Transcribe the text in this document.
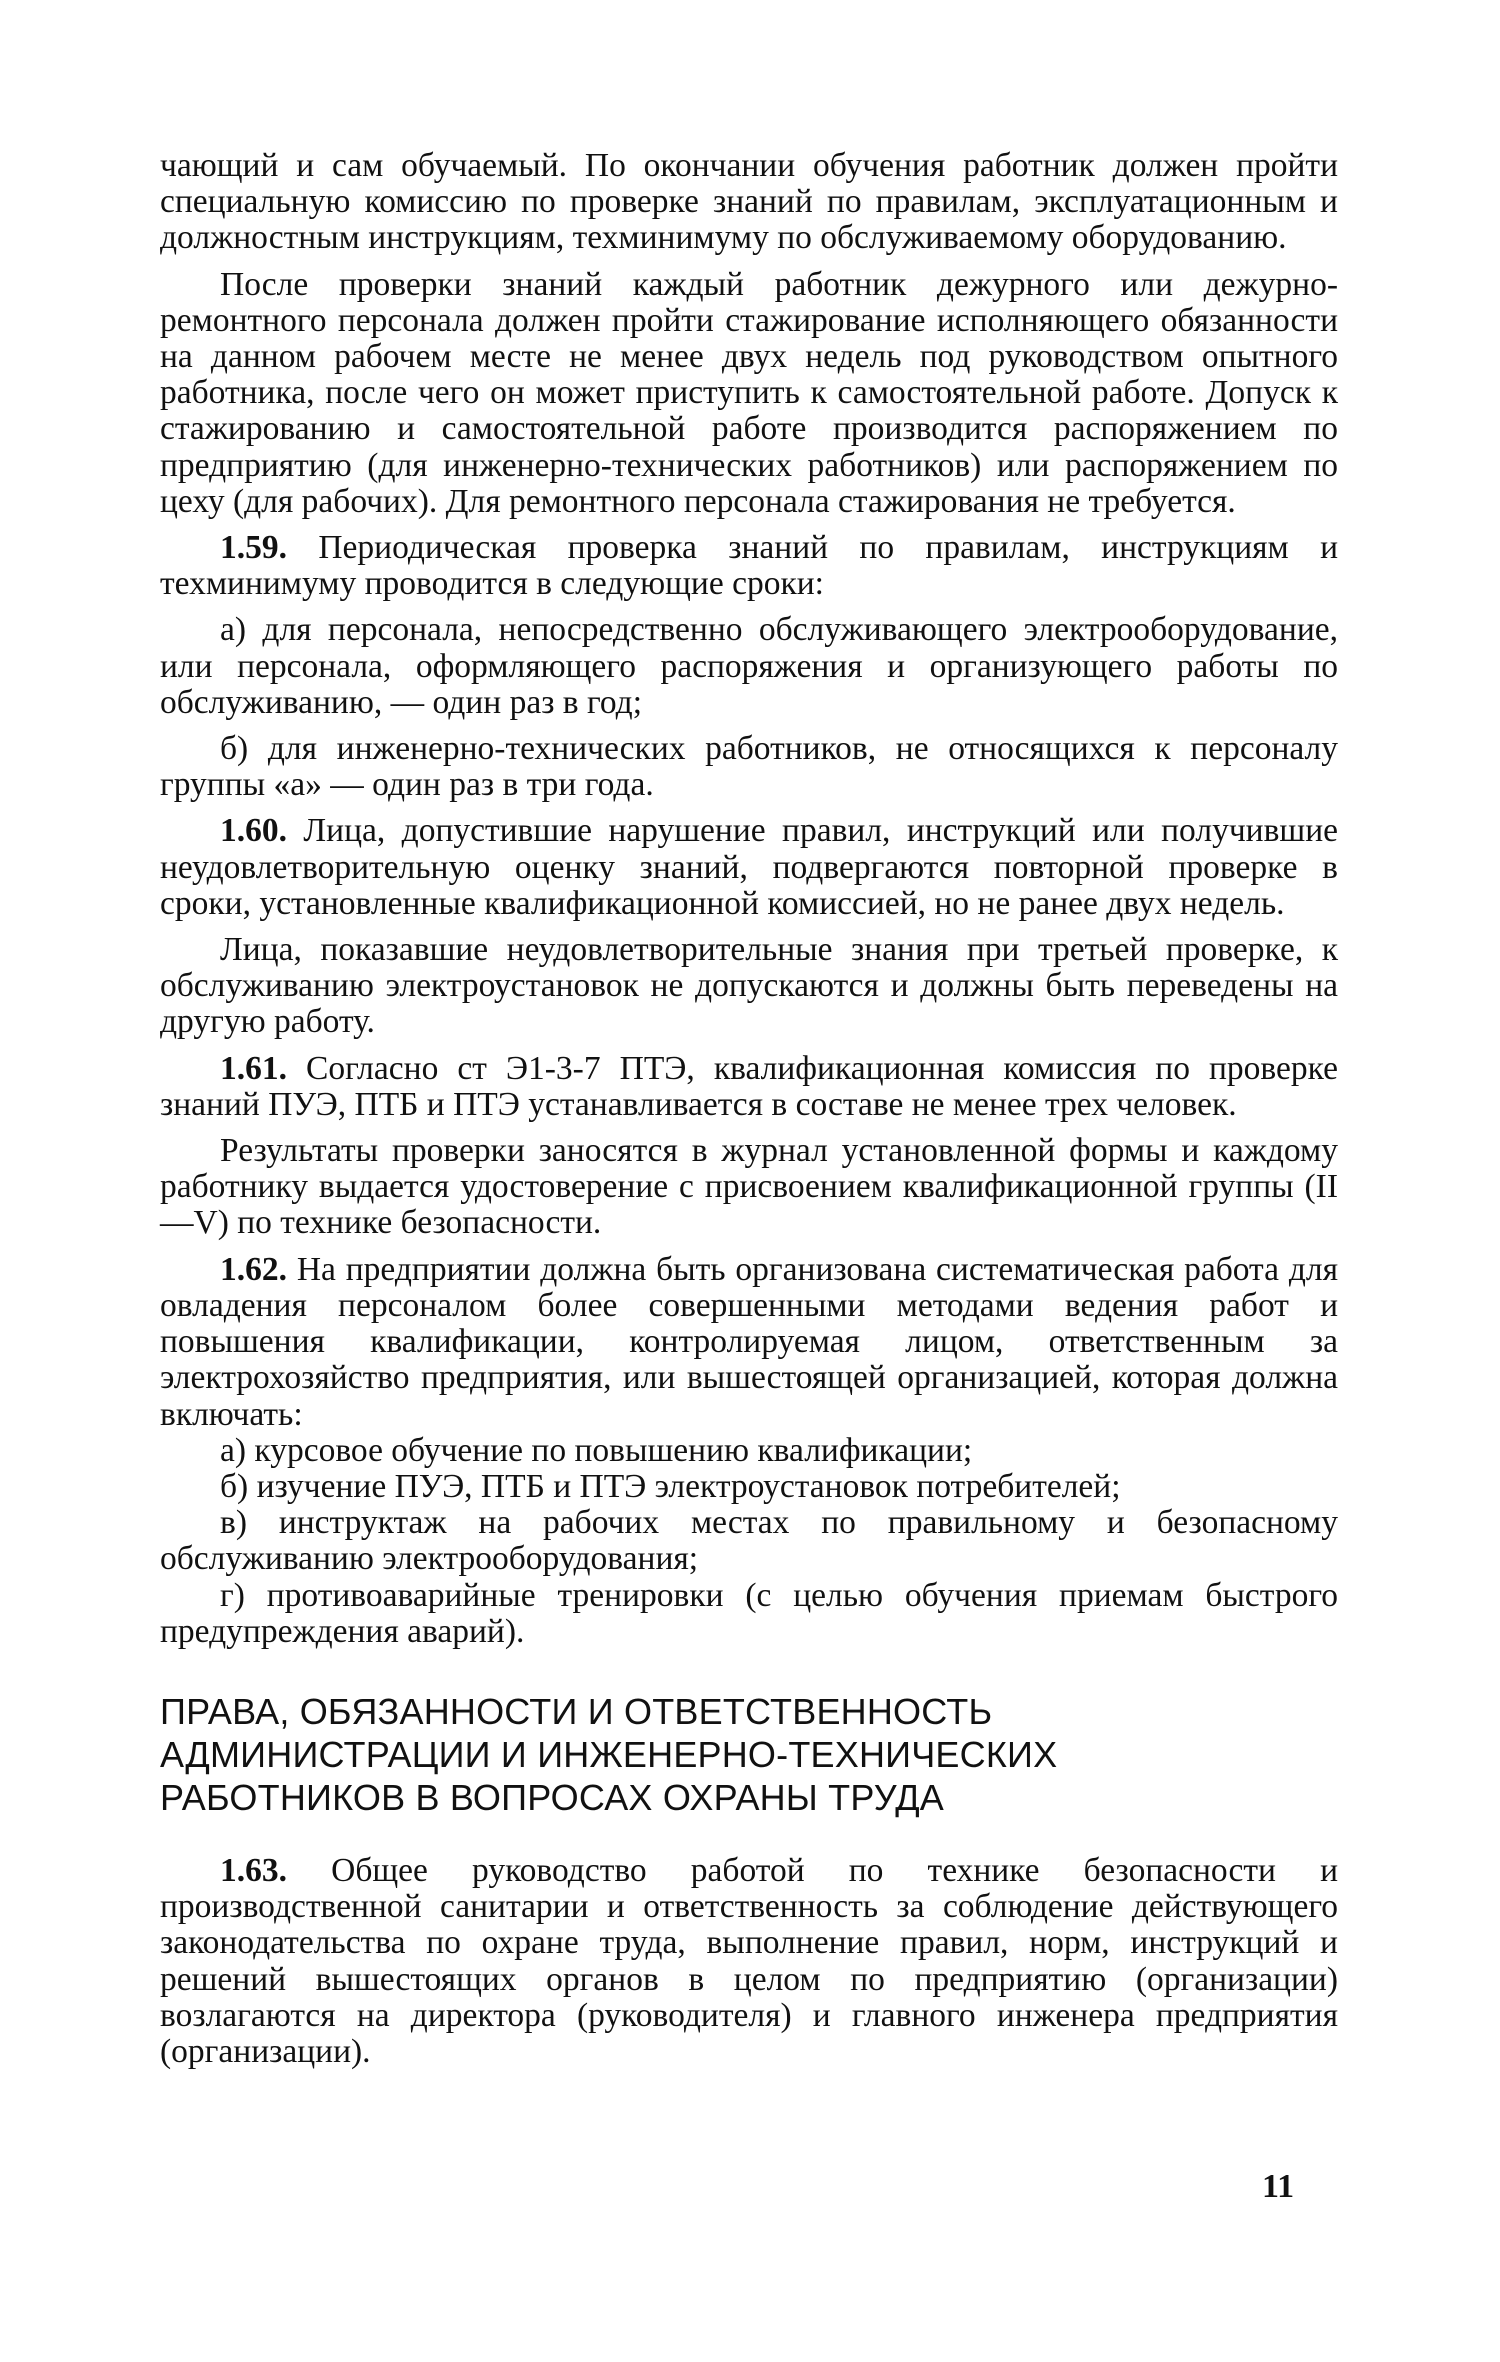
чающий и сам обучаемый. По окончании обучения работник должен пройти специальную комиссию по проверке знаний по правилам, эксплуатационным и должностным инструкциям, техминимуму по обслуживаемому оборудованию.

После проверки знаний каждый работник дежурного или дежурно-ремонтного персонала должен пройти стажирование исполняющего обязанности на данном рабочем месте не менее двух недель под руководством опытного работника, после чего он может приступить к самостоятельной работе. Допуск к стажированию и самостоятельной работе производится распоряжением по предприятию (для инженерно-технических работников) или распоряжением по цеху (для рабочих). Для ремонтного персонала стажирования не требуется.

1.59. Периодическая проверка знаний по правилам, инструкциям и техминимуму проводится в следующие сроки:

а) для персонала, непосредственно обслуживающего электрооборудование, или персонала, оформляющего распоряжения и организующего работы по обслуживанию, — один раз в год;

б) для инженерно-технических работников, не относящихся к персоналу группы «а» — один раз в три года.

1.60. Лица, допустившие нарушение правил, инструкций или получившие неудовлетворительную оценку знаний, подвергаются повторной проверке в сроки, установленные квалификационной комиссией, но не ранее двух недель.

Лица, показавшие неудовлетворительные знания при третьей проверке, к обслуживанию электроустановок не допускаются и должны быть переведены на другую работу.

1.61. Согласно ст Э1-3-7 ПТЭ, квалификационная комиссия по проверке знаний ПУЭ, ПТБ и ПТЭ устанавливается в составе не менее трех человек.

Результаты проверки заносятся в журнал установленной формы и каждому работнику выдается удостоверение с присвоением квалификационной группы (II—V) по технике безопасности.

1.62. На предприятии должна быть организована систематическая работа для овладения персоналом более совершенными методами ведения работ и повышения квалификации, контролируемая лицом, ответственным за электрохозяйство предприятия, или вышестоящей организацией, которая должна включать:

а) курсовое обучение по повышению квалификации;

б) изучение ПУЭ, ПТБ и ПТЭ электроустановок потребителей;

в) инструктаж на рабочих местах по правильному и безопасному обслуживанию электрооборудования;

г) противоаварийные тренировки (с целью обучения приемам быстрого предупреждения аварий).

ПРАВА, ОБЯЗАННОСТИ И ОТВЕТСТВЕННОСТЬ
АДМИНИСТРАЦИИ И ИНЖЕНЕРНО-ТЕХНИЧЕСКИХ
РАБОТНИКОВ В ВОПРОСАХ ОХРАНЫ ТРУДА

1.63. Общее руководство работой по технике безопасности и производственной санитарии и ответственность за соблюдение действующего законодательства по охране труда, выполнение правил, норм, инструкций и решений вышестоящих органов в целом по предприятию (организации) возлагаются на директора (руководителя) и главного инженера предприятия (организации).

11
